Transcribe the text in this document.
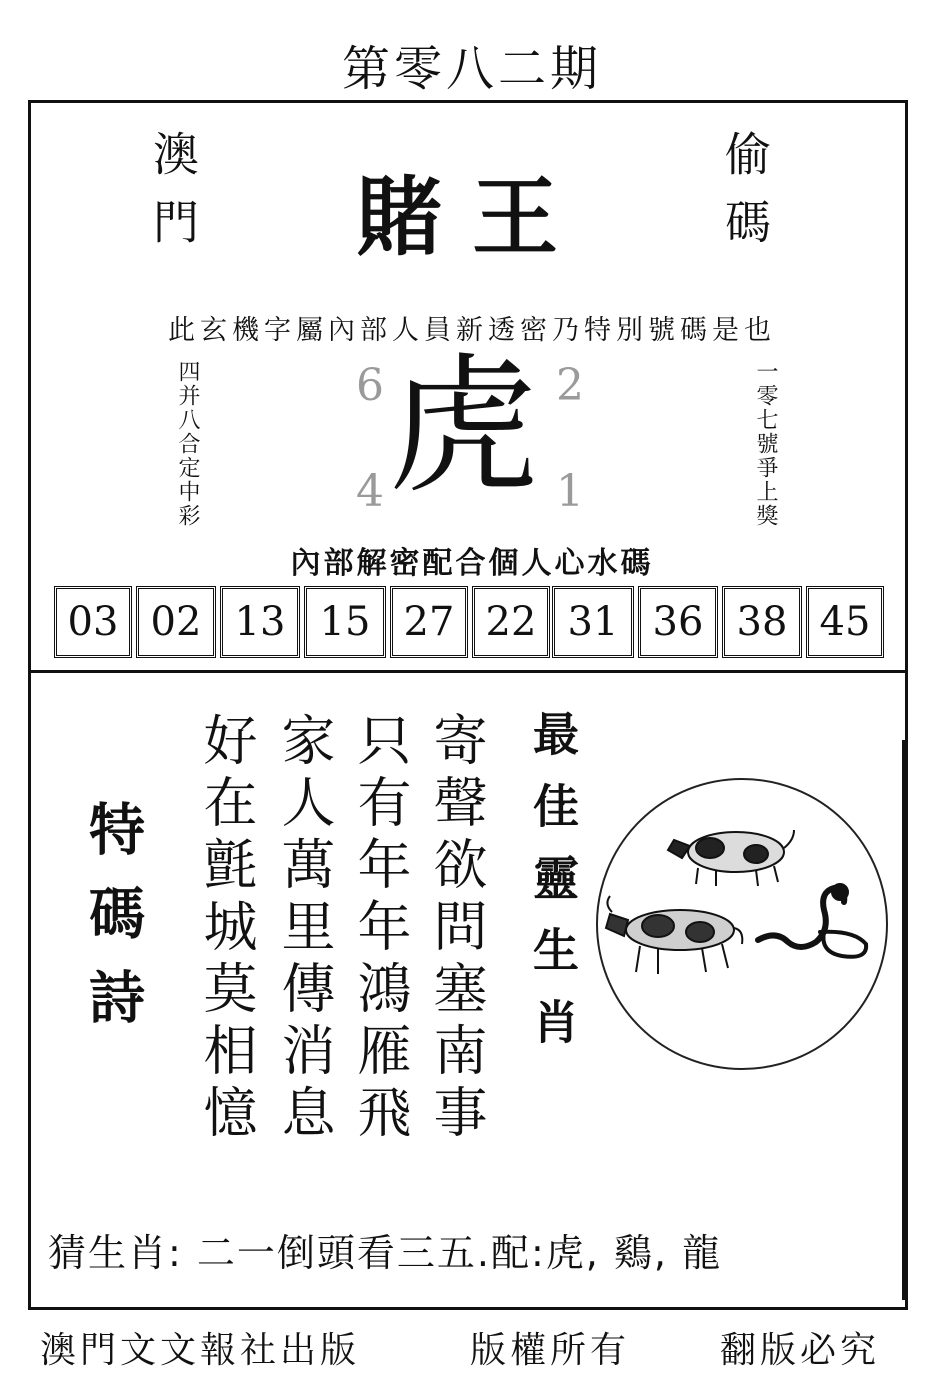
第零八二期
澳門	偷碼
賭王
此玄機字屬內部人員新透密乃特別號碼是也
四并八合定中彩	一零七號爭上獎
6	2
4	1
虎
內部解密配合個人心水碼
03 02 13 15 27 22 31 36 38 45
特碼詩	寄聲欲問塞南事
只有年年鴻雁飛
家人萬里傳消息
好在氈城莫相憶	最佳靈生肖
猜生肖: 二一倒頭看三五.配:虎, 鷄, 龍
澳門文文報社出版	版權所有 翻版必究
